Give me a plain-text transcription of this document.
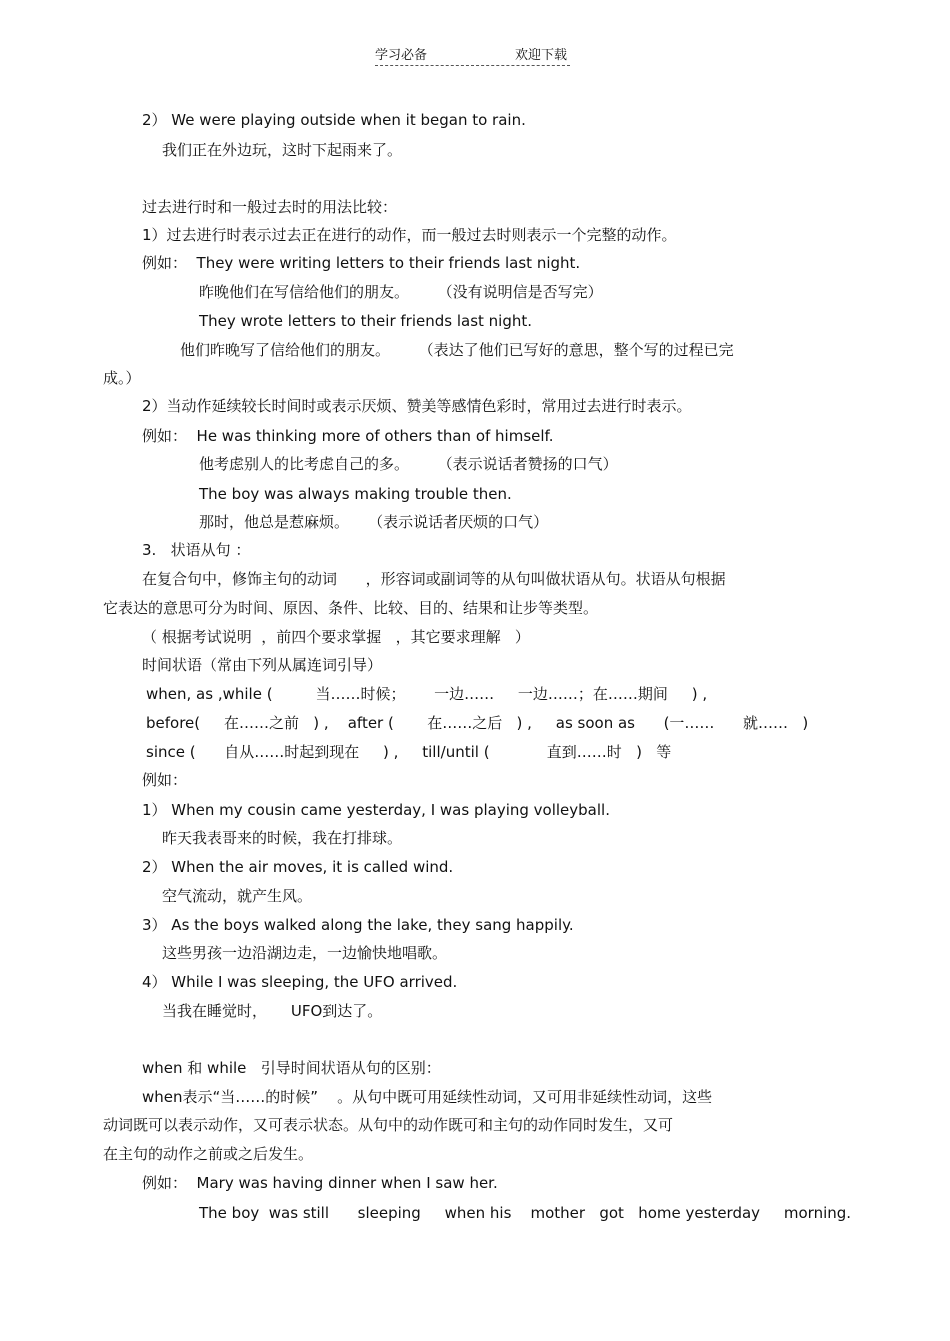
学习必备	欢迎下载
2） We were playing outside when it began to rain.
我们正在外边玩，这时下起雨来了。
过去进行时和一般过去时的用法比较：
1）过去进行时表示过去正在进行的动作，而一般过去时则表示一个完整的动作。
例如：  They were writing letters to their friends last night.
昨晚他们在写信给他们的朋友。      （没有说明信是否写完）
They wrote letters to their friends last night.
他们昨晚写了信给他们的朋友。      （表达了他们已写好的意思，整个写的过程已完
成。）
2）当动作延续较长时间时或表示厌烦、赞美等感情色彩时，常用过去进行时表示。
例如：  He was thinking more of others than of himself.
他考虑别人的比考虑自己的多。      （表示说话者赞扬的口气）
The boy was always making trouble then.
那时，他总是惹麻烦。    （表示说话者厌烦的口气）
3.   状语从句 ：
在复合句中，修饰主句的动词      ，形容词或副词等的从句叫做状语从句。状语从句根据
它表达的意思可分为时间、原因、条件、比较、目的、结果和让步等类型。
（ 根据考试说明  ，前四个要求掌握   ，其它要求理解   ）
时间状语（常由下列从属连词引导）
when, as ,while (         当……时候；      一边……     一边……；在……期间     ) ,
before(     在……之前   ) ,    after (       在……之后   ) ,     as soon as      (一……      就……   )
since (      自从……时起到现在     ) ,     till/until (            直到……时   )   等
例如：
1） When my cousin came yesterday, I was playing volleyball.
昨天我表哥来的时候，我在打排球。
2） When the air moves, it is called wind.
空气流动，就产生风。
3） As the boys walked along the lake, they sang happily.
这些男孩一边沿湖边走，一边愉快地唱歌。
4） While I was sleeping, the UFO arrived.
当我在睡觉时，     UFO到达了。
when 和 while   引导时间状语从句的区别：
when表示“当……的时候”    。从句中既可用延续性动词，又可用非延续性动词，这些
动词既可以表示动作，又可表示状态。从句中的动作既可和主句的动作同时发生，又可
在主句的动作之前或之后发生。
例如：  Mary was having dinner when I saw her.
The boy  was still      sleeping     when his    mother   got   home yesterday     morning.
